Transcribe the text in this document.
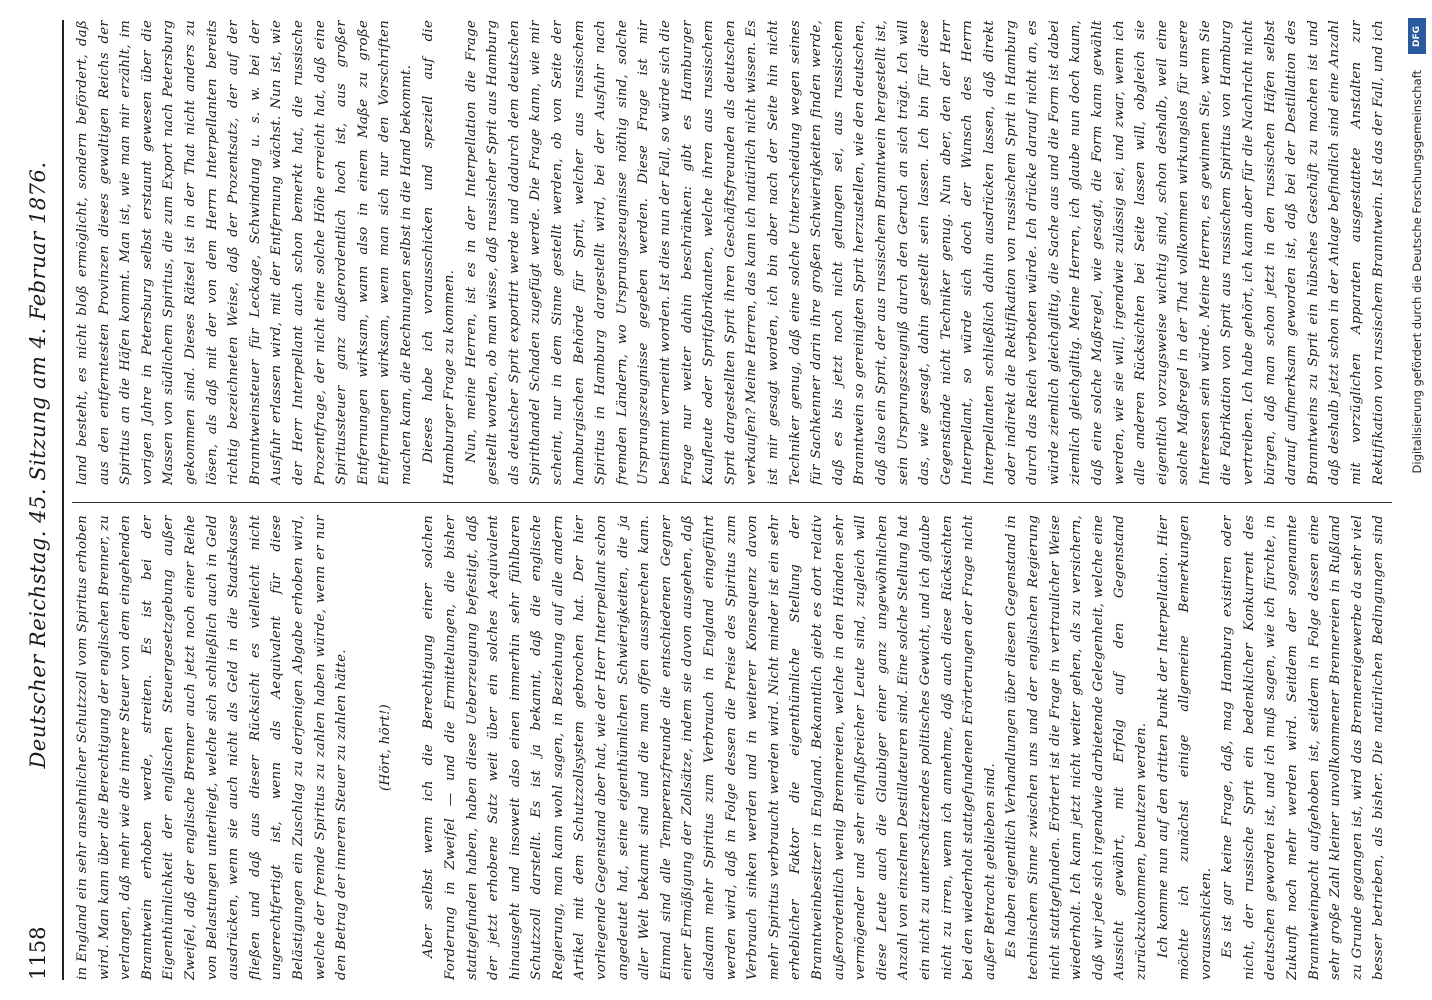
1158
Deutscher Reichstag. 45. Sitzung am 4. Februar 1876. in England ein sehr ansehnlicher Schutzzoll vom Spiritus erhoben wird. Man kann über die Berechtigung der englischen Brenner, zu verlangen, daß mehr wie die innere Steuer von dem eingehenden Branntwein erhoben werde, streiten. Es ist bei der Eigenthümlichkeit der englischen Steuergesetzgebung außer Zweifel, daß der englische Brenner auch jetzt noch einer Reihe von Belastungen unterliegt, welche sich schließlich auch in Geld ausdrücken, wenn sie auch nicht als Geld in die Staatskasse fließen und daß aus dieser Rücksicht es vielleicht nicht ungerechtfertigt ist, wenn als Aequivalent für diese Belästigungen ein Zuschlag zu derjenigen Abgabe erhoben wird, welche der fremde Spiritus zu zahlen haben würde, wenn er nur den Betrag der inneren Steuer zu zahlen hätte. (Hört, hört!) Aber selbst wenn ich die Berechtigung einer solchen Forderung in Zweifel — und die Ermittelungen, die bisher stattgefunden haben, haben diese Ueberzeugung befestigt, daß der jetzt erhobene Satz weit über ein solches Aequivalent hinausgeht und insoweit also einen immerhin sehr fühlbaren Schutzzoll darstellt. Es ist ja bekannt, daß die englische Regierung, man kann wohl sagen, in Beziehung auf alle andern Artikel mit dem Schutzzollsystem gebrochen hat. Der hier vorliegende Gegenstand aber hat, wie der Herr Interpellant schon angedeutet hat, seine eigenthümlichen Schwierigkeiten, die ja aller Welt bekannt sind und die man offen aussprechen kann. Einmal sind alle Temperenzfreunde die entschiedenen Gegner einer Ermäßigung der Zollsätze, indem sie davon ausgehen, daß alsdann mehr Spiritus zum Verbrauch in England eingeführt werden wird, daß in Folge dessen die Preise des Spiritus zum Verbrauch sinken werden und in weiterer Konsequenz davon mehr Spiritus verbraucht werden wird. Nicht minder ist ein sehr erheblicher Faktor die eigenthümliche Stellung der Branntweinbesitzer in England. Bekanntlich giebt es dort relativ außerordentlich wenig Brennereien, welche in den Händen sehr vermögender und sehr einflußreicher Leute sind, zugleich will diese Leute auch die Glaubiger einer ganz ungewöhnlichen Anzahl von einzelnen Destillateuren sind. Eine solche Stellung hat ein nicht zu unterschätzendes politisches Gewicht, und ich glaube nicht zu irren, wenn ich annehme, daß auch diese Rücksichten bei den wiederholt stattgefundenen Erörterungen der Frage nicht außer Betracht geblieben sind. Es haben eigentlich Verhandlungen über diesen Gegenstand in technischem Sinne zwischen uns und der englischen Regierung nicht stattgefunden. Erörtert ist die Frage in vertraulicher Weise wiederholt. Ich kann jetzt nicht weiter gehen, als zu versichern, daß wir jede sich irgendwie darbietende Gelegenheit, welche eine Aussicht gewährt, mit Erfolg auf den Gegenstand zurückzukommen, benutzen werden. Ich komme nun auf den dritten Punkt der Interpellation. Hier möchte ich zunächst einige allgemeine Bemerkungen vorausschicken. Es ist gar keine Frage, daß, mag Hamburg existiren oder nicht, der russische Sprit ein bedenklicher Konkurrent des deutschen geworden ist, und ich muß sagen, wie ich fürchte, in Zukunft noch mehr werden wird. Seitdem der sogenannte Branntweinpacht aufgehoben ist, seitdem in Folge dessen eine sehr große Zahl kleiner unvollkommener Brennereien in Rußland zu Grunde gegangen ist, wird das Brennereigewerbe da sehr viel besser betrieben, als bisher. Die natürlichen Bedingungen sind

land besteht, es nicht bloß ermöglicht, sondern befördert, daß aus den entferntesten Provinzen dieses gewaltigen Reichs der Spiritus an die Häfen kommt. Man ist, wie man mir erzählt, im vorigen Jahre in Petersburg selbst erstaunt gewesen über die Massen von südlichem Spiritus, die zum Export nach Petersburg gekommen sind. Dieses Rätsel ist in der That nicht anders zu lösen, als daß mit der von dem Herrn Interpellanten bereits richtig bezeichneten Weise, daß der Prozentsatz, der auf der Branntweinsteuer für Leckage, Schwindung u. s. w. bei der Ausfuhr erlassen wird, mit der Entfernung wächst. Nun ist, wie der Herr Interpellant auch schon bemerkt hat, die russische Prozentfrage, der nicht eine solche Höhe erreicht hat, daß eine Spiritussteuer ganz außerordentlich hoch ist, aus großer Entfernungen wirksam, wann also in einem Maße zu große Entfernungen wirksam, wenn man sich nur den Vorschriften machen kann, die Rechnungen selbst in die Hand bekommt. Dieses habe ich vorausschicken und speziell auf die Hamburger Frage zu kommen. Nun, meine Herren, ist es in der Interpellation die Frage gestellt worden, ob man wisse, daß russischer Sprit aus Hamburg als deutscher Sprit exportirt werde und dadurch dem deutschen Spirithandel Schaden zugefügt werde. Die Frage kann, wie mir scheint, nur in dem Sinne gestellt werden, ob von Seite der hamburgischen Behörde für Sprit, welcher aus russischem Spiritus in Hamburg dargestellt wird, bei der Ausfuhr nach fremden Ländern, wo Ursprungszeugnisse nöthig sind, solche Ursprungszeugnisse gegeben werden. Diese Frage ist mir bestimmt verneint worden. Ist dies nun der Fall, so würde sich die Frage nur weiter dahin beschränken: gibt es Hamburger Kaufleute oder Spritfabrikanten, welche ihren aus russischem Sprit dargestellten Sprit ihren Geschäftsfreunden als deutschen verkaufen? Meine Herren, das kann ich natürlich nicht wissen. Es ist mir gesagt worden, ich bin aber nach der Seite hin nicht Techniker genug, daß eine solche Unterscheidung wegen seines für Sachkenner darin ihre großen Schwierigkeiten finden werde, daß es bis jetzt noch nicht gelungen sei, aus russischem Branntwein so gereinigten Sprit herzustellen, wie den deutschen, daß also ein Sprit, der aus russischem Branntwein hergestellt ist, sein Ursprungszeugniß durch den Geruch an sich trägt. Ich will das, wie gesagt, dahin gestellt sein lassen. Ich bin für diese Gegenstände nicht Techniker genug. Nun aber, den der Herr Interpellant, so würde sich doch der Wunsch des Herrn Interpellanten schließlich dahin ausdrücken lassen, daß direkt oder indirekt die Rektifikation von russischem Sprit in Hamburg durch das Reich verboten würde. Ich drücke darauf nicht an, es würde ziemlich gleichgiltig, die Sache aus und die Form ist dabei ziemlich gleichgiltig. Meine Herren, ich glaube nun doch kaum, daß eine solche Maßregel, wie gesagt, die Form kann gewählt werden, wie sie will, irgendwie zulässig sei, und zwar, wenn ich alle anderen Rücksichten bei Seite lassen will, obgleich sie eigentlich vorzugsweise wichtig sind, schon deshalb, weil eine solche Maßregel in der That vollkommen wirkungslos für unsere Interessen sein würde. Meine Herren, es gewinnen Sie, wenn Sie die Fabrikation von Sprit aus russischem Spiritus von Hamburg vertreiben. Ich habe gehört, ich kann aber für die Nachricht nicht bürgen, daß man schon jetzt in den russischen Häfen selbst darauf aufmerksam geworden ist, daß bei der Destillation des Branntweins zu Sprit ein hübsches Geschäft zu machen ist und daß deshalb jetzt schon in der Anlage befindlich sind eine Anzahl mit vorzüglichen Apparaten ausgestattete Anstalten zur Rektifikation von russischem Branntwein. Ist das der Fall, und ich	DFG
Digitalisierung gefördert durch die Deutsche Forschungsgemeinschaft
